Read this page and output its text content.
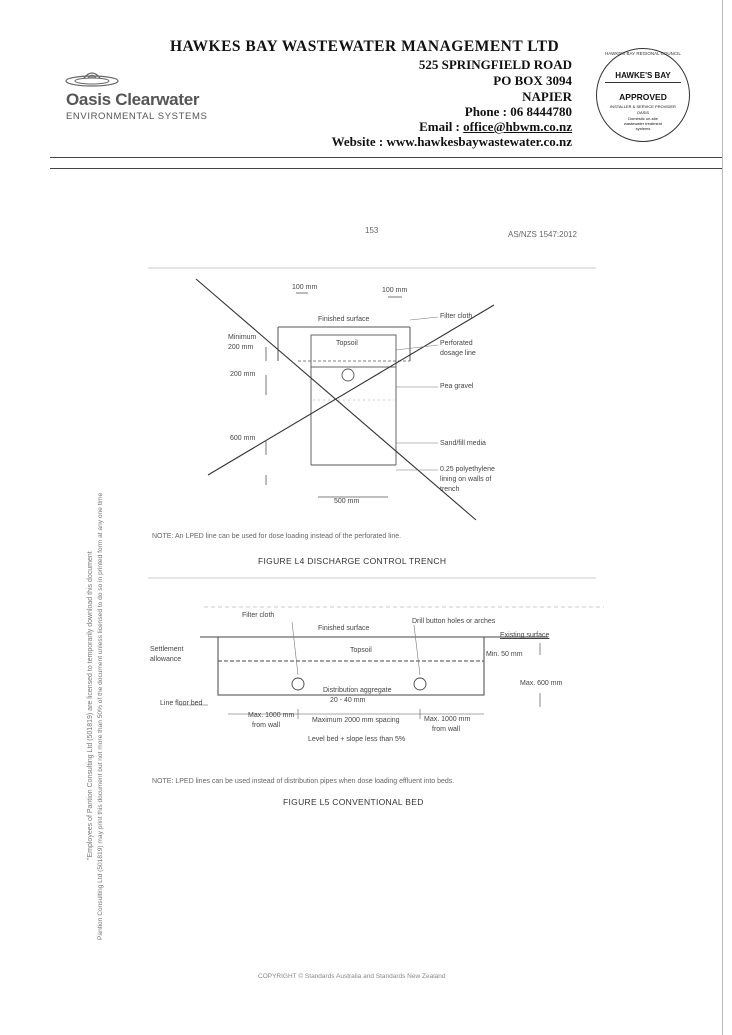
HAWKES BAY WASTEWATER MANAGEMENT LTD
525 SPRINGFIELD ROAD
PO BOX 3094
NAPIER
Phone : 06 8444780
Email : office@hbwm.co.nz
Website : www.hawkesbaywastewater.co.nz
Oasis Clearwater
ENVIRONMENTAL SYSTEMS
HAWKE'S BAY REGIONAL COUNCIL
HAWKE'S BAY
APPROVED
INSTALLER & SERVICE PROVIDER
OASIS
Domestic on-site
wastewater treatment
systems
153	AS/NZS 1547:2012
"Employees of Pantion Consulting Ltd (501819) are licensed to temporarily download this document Pantion Consulting Ltd (501819) may print this document but not more than 50% of the document unless licensed to do so in printed form at any one time
100 mm	100 mm
Finished surface	Filter cloth
Minimum
200 mm
Topsoil	Perforated
dosage line
200 mm
Pea gravel
600 mm
Sand/fill media
0.25 polyethylene
lining on walls of
trench
500 mm
NOTE: An LPED line can be used for dose loading instead of the perforated line.
FIGURE L4 DISCHARGE CONTROL TRENCH
Filter cloth
Finished surface
Drill button holes or arches
Existing surface
Settlement
allowance
Topsoil
Min. 50 mm
Max. 600 mm
Distribution aggregate
20 - 40 mm
Line floor bed
Max. 1000 mm
from wall
Maximum 2000 mm spacing	Max. 1000 mm
from wall
Level bed + slope less than 5%
NOTE: LPED lines can be used instead of distribution pipes when dose loading effluent into beds.
FIGURE L5 CONVENTIONAL BED
COPYRIGHT © Standards Australia and Standards New Zealand
